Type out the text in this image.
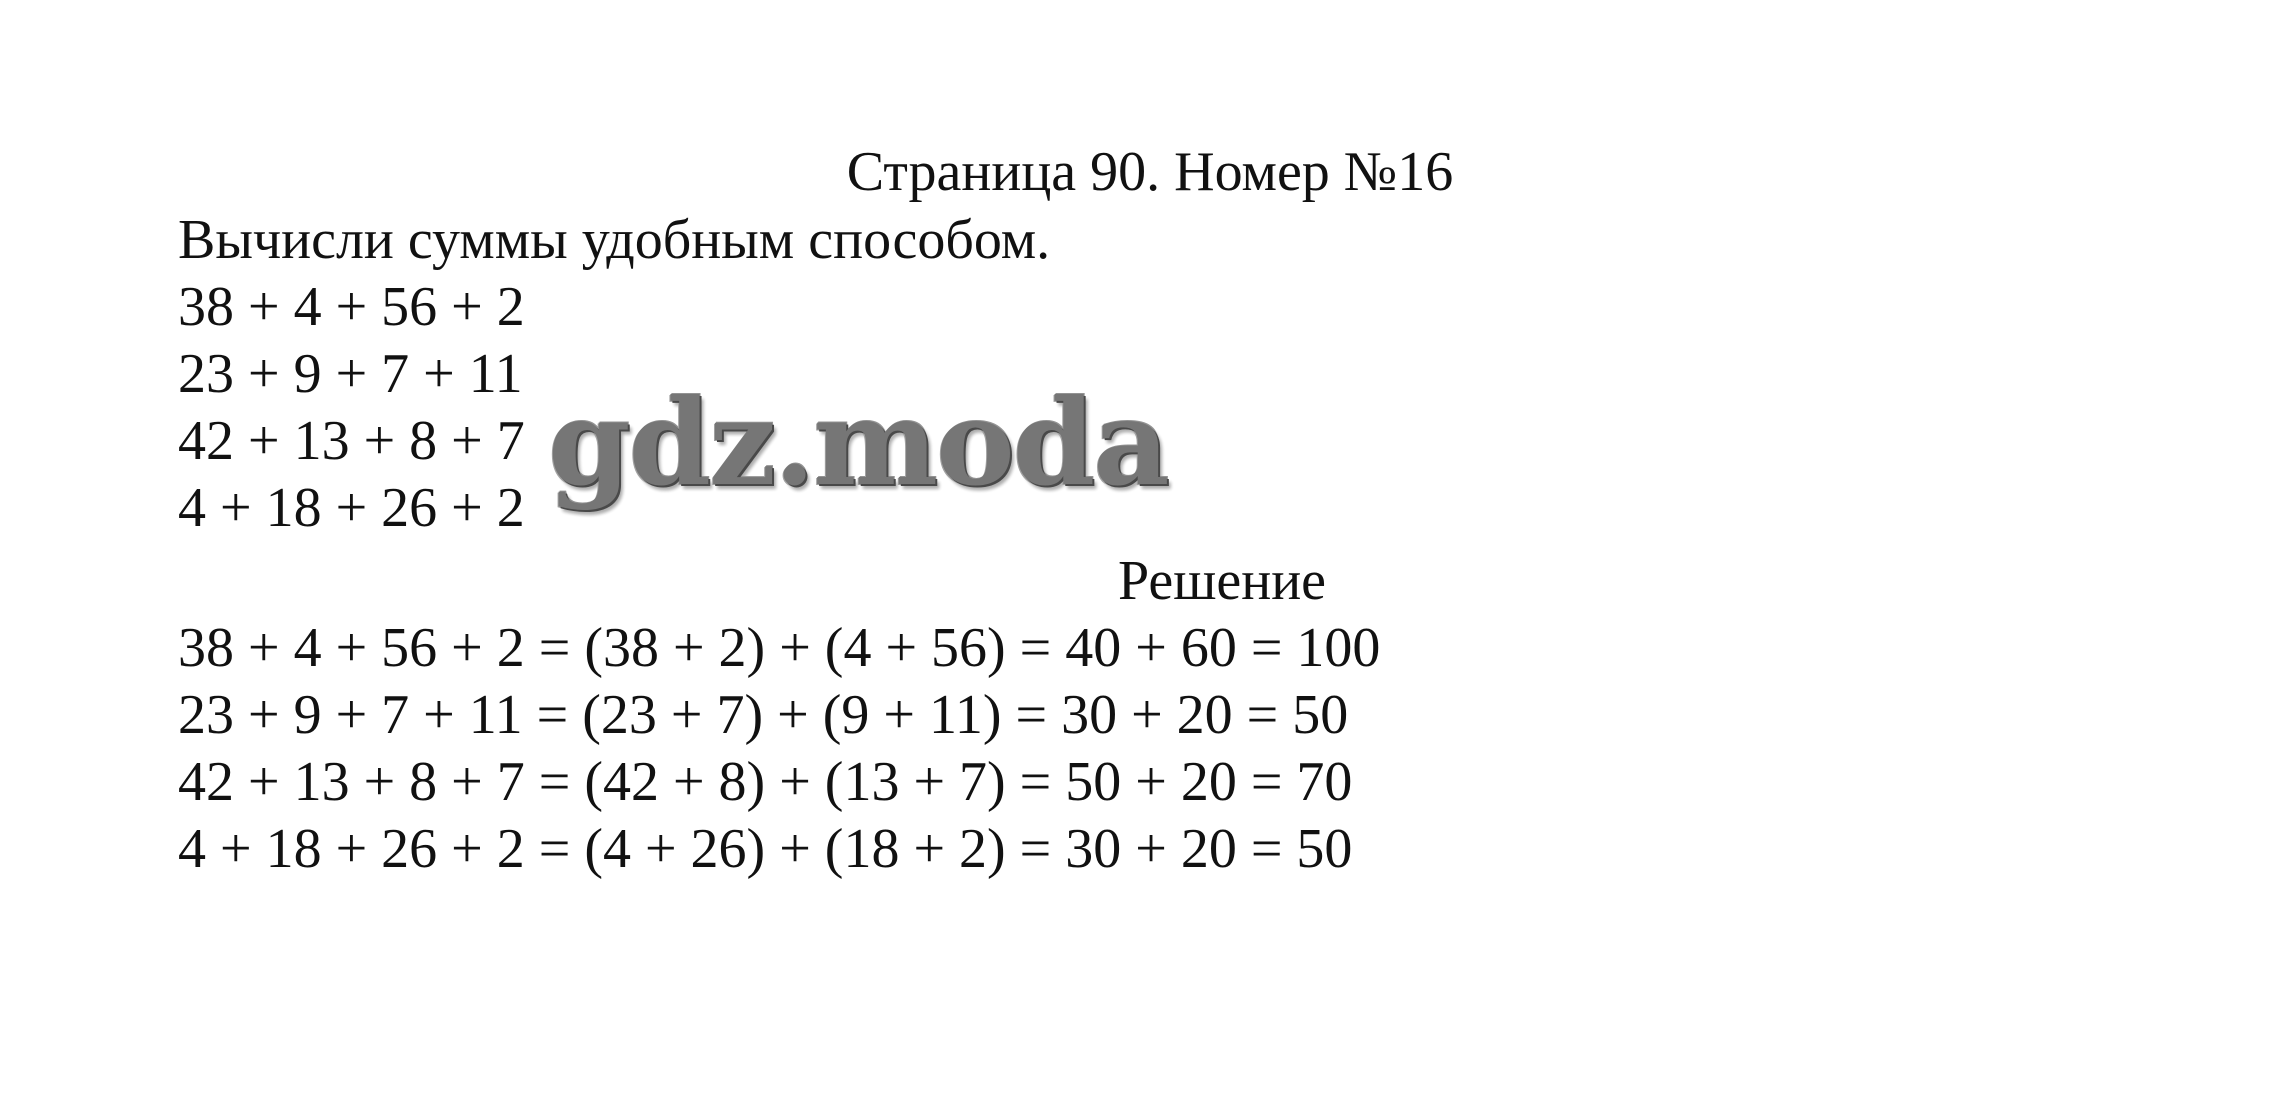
Страница 90. Номер №16
Вычисли суммы удобным способом.
38 + 4 + 56 + 2
23 + 9 + 7 + 11
42 + 13 + 8 + 7
4 + 18 + 26 + 2
Решение
38 + 4 + 56 + 2 = (38 + 2) + (4 + 56) = 40 + 60 = 100
23 + 9 + 7 + 11 = (23 + 7) + (9 + 11) = 30 + 20 = 50
42 + 13 + 8 + 7 = (42 + 8) + (13 + 7) = 50 + 20 = 70
4 + 18 + 26 + 2 = (4 + 26) + (18 + 2) = 30 + 20 = 50
gdz.moda
